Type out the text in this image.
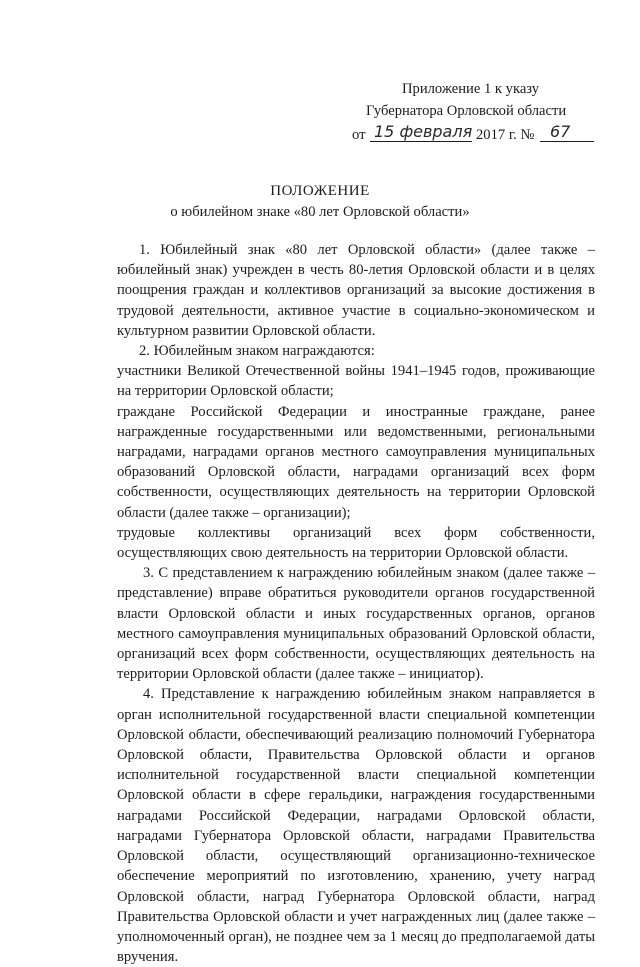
Приложение 1 к указу
Губернатора Орловской области
от 15 февраля 2017 г. № 67
ПОЛОЖЕНИЕ
о юбилейном знаке «80 лет Орловской области»

1. Юбилейный знак «80 лет Орловской области» (далее также – юбилейный знак) учрежден в честь 80-летия Орловской области и в целях поощрения граждан и коллективов организаций за высокие достижения в трудовой деятельности, активное участие в социально-экономическом и культурном развитии Орловской области.

2. Юбилейным знаком награждаются:

участники Великой Отечественной войны 1941–1945 годов, проживающие на территории Орловской области;

граждане Российской Федерации и иностранные граждане, ранее награжденные государственными или ведомственными, региональными наградами, наградами органов местного самоуправления муниципальных образований Орловской области, наградами организаций всех форм собственности, осуществляющих деятельность на территории Орловской области (далее также – организации);

трудовые коллективы организаций всех форм собственности, осуществляющих свою деятельность на территории Орловской области.

3. С представлением к награждению юбилейным знаком (далее также – представление) вправе обратиться руководители органов государственной власти Орловской области и иных государственных органов, органов местного самоуправления муниципальных образований Орловской области, организаций всех форм собственности, осуществляющих деятельность на территории Орловской области (далее также – инициатор).

4. Представление к награждению юбилейным знаком направляется в орган исполнительной государственной власти специальной компетенции Орловской области, обеспечивающий реализацию полномочий Губернатора Орловской области, Правительства Орловской области и органов исполнительной государственной власти специальной компетенции Орловской области в сфере геральдики, награждения государственными наградами Российской Федерации, наградами Орловской области, наградами Губернатора Орловской области, наградами Правительства Орловской области, осуществляющий организационно-техническое обеспечение мероприятий по изготовлению, хранению, учету наград Орловской области, наград Губернатора Орловской области, наград Правительства Орловской области и учет награжденных лиц (далее также – уполномоченный орган), не позднее чем за 1 месяц до предполагаемой даты вручения.
